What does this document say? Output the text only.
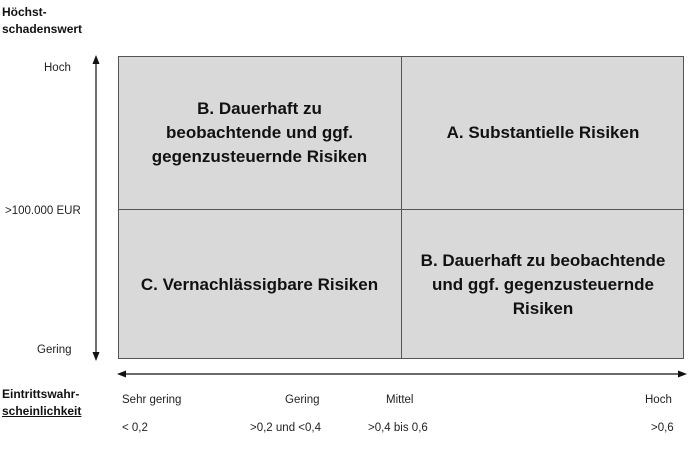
Höchst-
schadenswert
Hoch
>100.000 EUR
Gering
B. Dauerhaft zu beobachtende und ggf. gegenzusteuernde Risiken
A. Substantielle Risiken
C. Vernachlässigbare Risiken
B. Dauerhaft zu beobachtende und ggf. gegenzusteuernde Risiken
Eintrittswahr-
scheinlichkeit
Sehr gering	Gering	Mittel	Hoch
< 0,2	>0,2 und <0,4	>0,4 bis 0,6	>0,6
